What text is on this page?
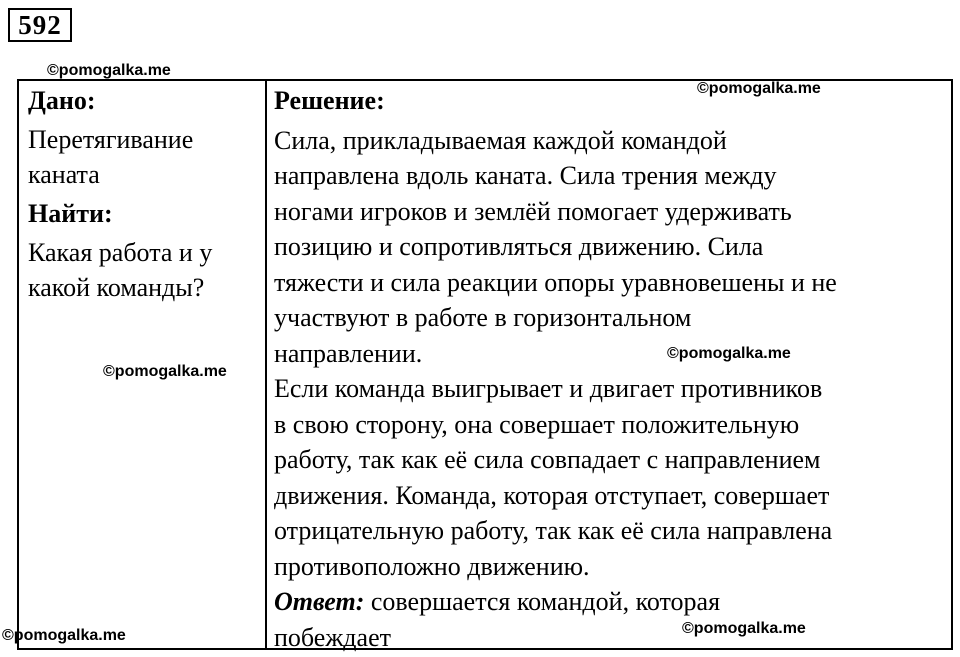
592
©pomogalka.me
Дано:
Перетягивание
каната
Найти:
Какая работа и у
какой команды?
Решение:
Сила, прикладываемая каждой командой
направлена вдоль каната. Сила трения между
ногами игроков и землёй помогает удерживать
позицию и сопротивляться движению. Сила
тяжести и сила реакции опоры уравновешены и не
участвуют в работе в горизонтальном
направлении.
Если команда выигрывает и двигает противников
в свою сторону, она совершает положительную
работу, так как её сила совпадает с направлением
движения. Команда, которая отступает, совершает
отрицательную работу, так как её сила направлена
противоположно движению.
Ответ: совершается командой, которая
побеждает
©pomogalka.me
©pomogalka.me
©pomogalka.me
©pomogalka.me	©pomogalka.me
